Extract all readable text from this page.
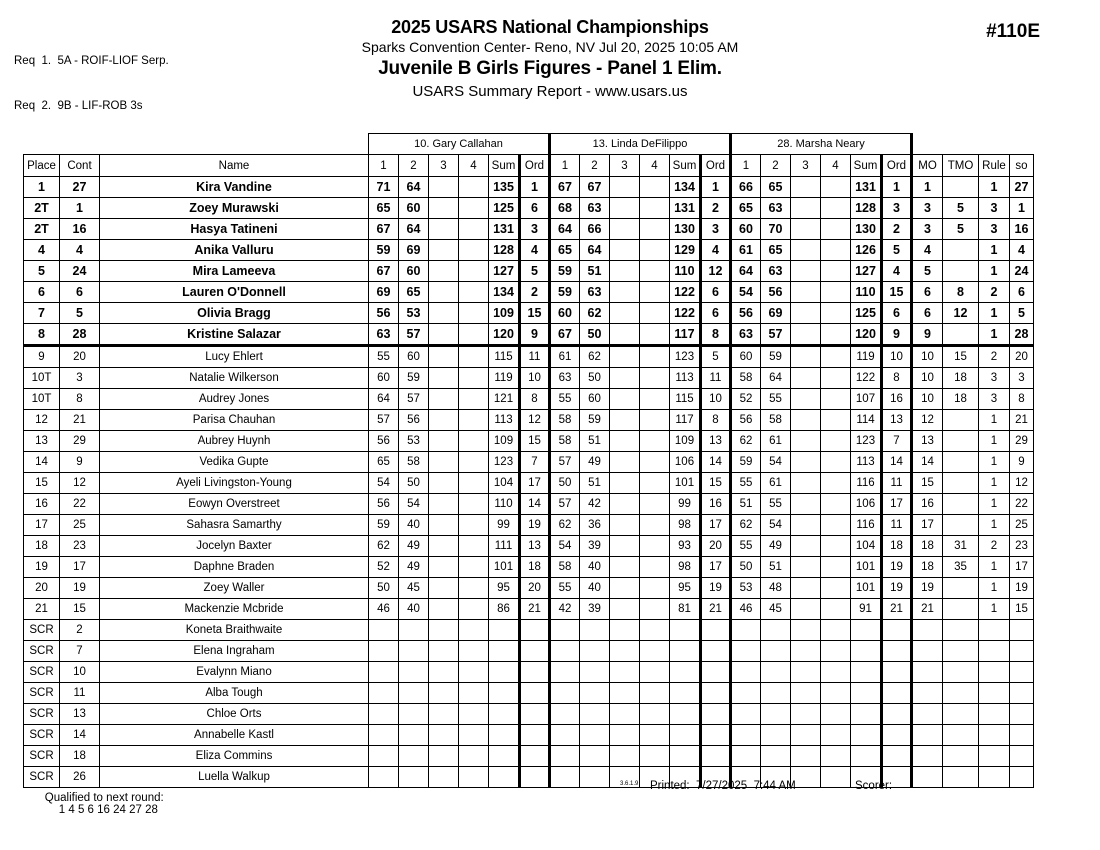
Req  1.  5A - ROIF-LIOF Serp.

Req  2.  9B - LIF-ROB 3s

2025 USARS National Championships
Sparks Convention Center- Reno, NV Jul 20, 2025 10:05 AM
Juvenile B Girls Figures - Panel 1 Elim.
USARS Summary Report - www.usars.us
#110E
			10. Gary Callahan						13. Linda DeFilippo						28. Marsha Neary									
Place	Cont	Name	1	2	3	4	Sum	Ord	1	2	3	4	Sum	Ord	1	2	3	4	Sum	Ord	MO	TMO	Rule	so
1	27	Kira Vandine	71	64			135	1	67	67			134	1	66	65			131	1	1		1	27
2T	1	Zoey Murawski	65	60			125	6	68	63			131	2	65	63			128	3	3	5	3	1
2T	16	Hasya Tatineni	67	64			131	3	64	66			130	3	60	70			130	2	3	5	3	16
4	4	Anika Valluru	59	69			128	4	65	64			129	4	61	65			126	5	4		1	4
5	24	Mira Lameeva	67	60			127	5	59	51			110	12	64	63			127	4	5		1	24
6	6	Lauren O'Donnell	69	65			134	2	59	63			122	6	54	56			110	15	6	8	2	6
7	5	Olivia Bragg	56	53			109	15	60	62			122	6	56	69			125	6	6	12	1	5
8	28	Kristine Salazar	63	57			120	9	67	50			117	8	63	57			120	9	9		1	28
9	20	Lucy Ehlert	55	60			115	11	61	62			123	5	60	59			119	10	10	15	2	20
10T	3	Natalie Wilkerson	60	59			119	10	63	50			113	11	58	64			122	8	10	18	3	3
10T	8	Audrey Jones	64	57			121	8	55	60			115	10	52	55			107	16	10	18	3	8
12	21	Parisa Chauhan	57	56			113	12	58	59			117	8	56	58			114	13	12		1	21
13	29	Aubrey Huynh	56	53			109	15	58	51			109	13	62	61			123	7	13		1	29
14	9	Vedika Gupte	65	58			123	7	57	49			106	14	59	54			113	14	14		1	9
15	12	Ayeli Livingston-Young	54	50			104	17	50	51			101	15	55	61			116	11	15		1	12
16	22	Eowyn Overstreet	56	54			110	14	57	42			99	16	51	55			106	17	16		1	22
17	25	Sahasra Samarthy	59	40			99	19	62	36			98	17	62	54			116	11	17		1	25
18	23	Jocelyn Baxter	62	49			111	13	54	39			93	20	55	49			104	18	18	31	2	23
19	17	Daphne Braden	52	49			101	18	58	40			98	17	50	51			101	19	18	35	1	17
20	19	Zoey Waller	50	45			95	20	55	40			95	19	53	48			101	19	19		1	19
21	15	Mackenzie Mcbride	46	40			86	21	42	39			81	21	46	45			91	21	21		1	15
SCR	2	Koneta Braithwaite																						
SCR	7	Elena Ingraham																						
SCR	10	Evalynn Miano																						
SCR	11	Alba Tough																						
SCR	13	Chloe Orts																						
SCR	14	Annabelle Kastl																						
SCR	18	Eliza Commins																						
SCR	26	Luella Walkup																						

Qualified to next round:
1 4 5 6 16 24 27 28

3.6.1.9 Printed:  7/27/2025  7:44 AM	Scorer:
